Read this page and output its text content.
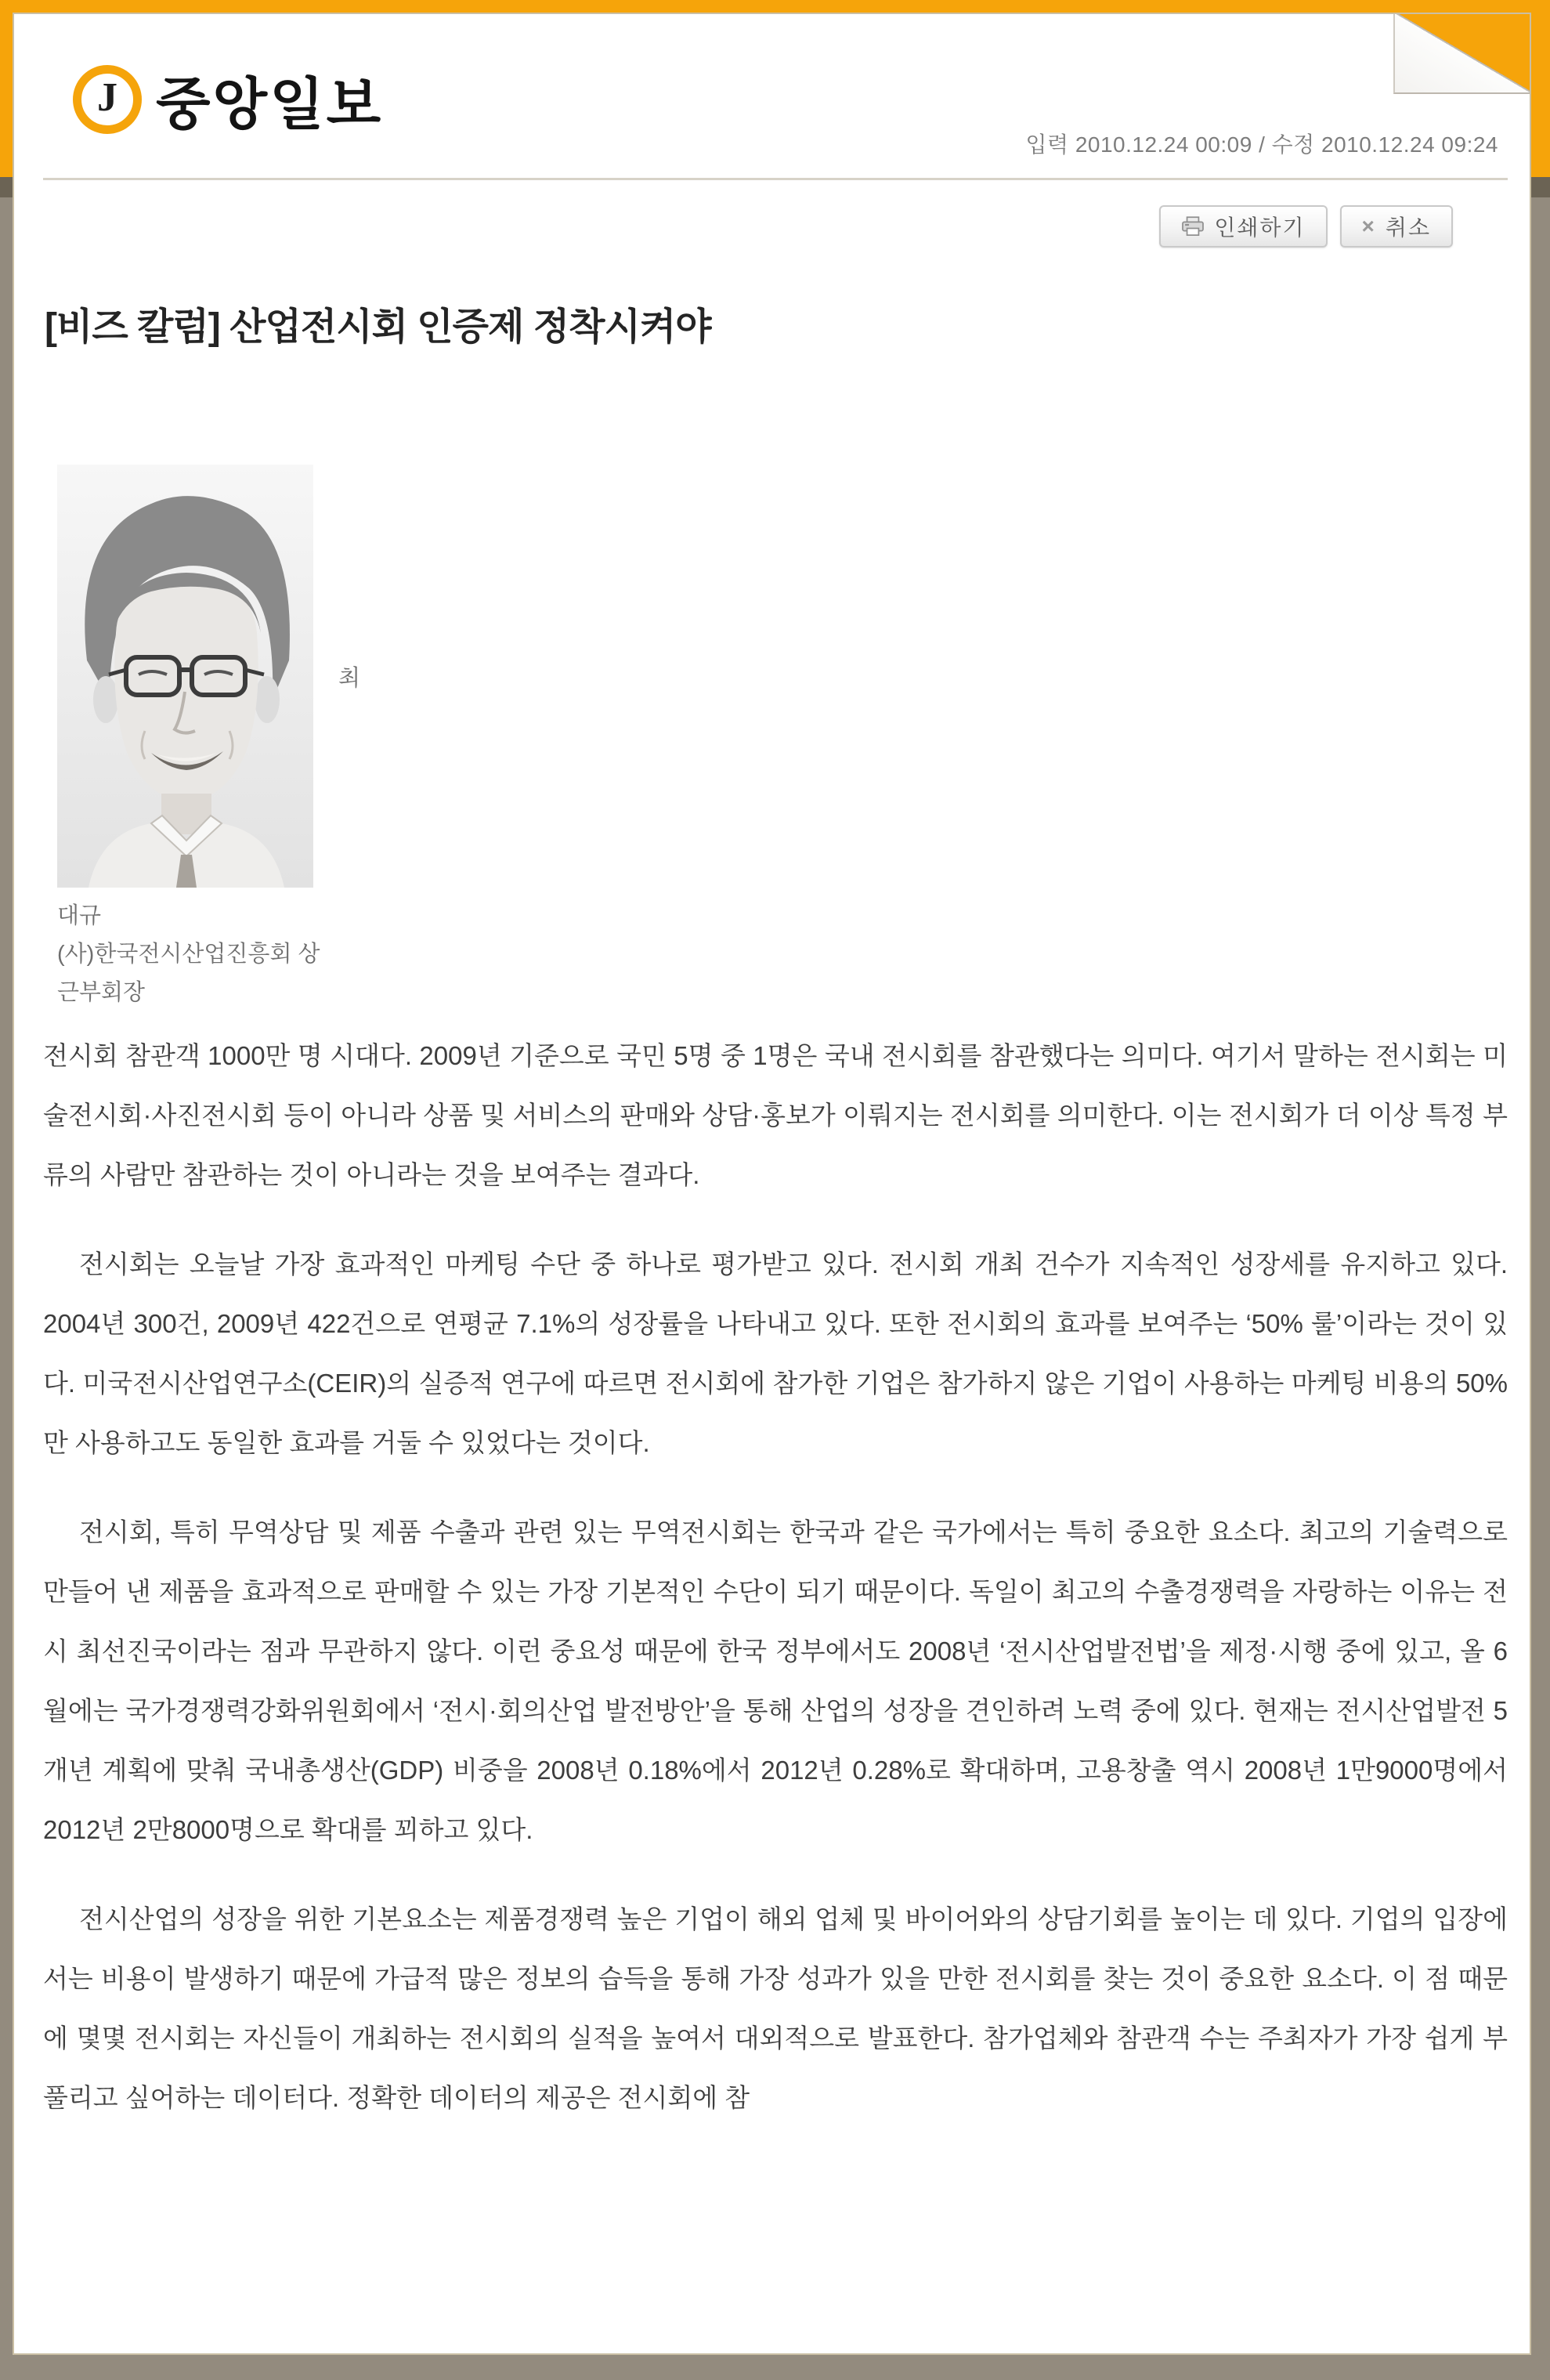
J 중앙일보
입력 2010.12.24 00:09 / 수정 2010.12.24 09:24
인쇄하기	× 취소
[비즈 칼럼] 산업전시회 인증제 정착시켜야
최
대규
(사)한국전시산업진흥회 상
근부회장

전시회 참관객 1000만 명 시대다. 2009년 기준으로 국민 5명 중 1명은 국내 전시회를 참관했다는 의미다. 여기서 말하는 전시회는 미술전시회·사진전시회 등이 아니라 상품 및 서비스의 판매와 상담·홍보가 이뤄지는 전시회를 의미한다. 이는 전시회가 더 이상 특정 부류의 사람만 참관하는 것이 아니라는 것을 보여주는 결과다.

전시회는 오늘날 가장 효과적인 마케팅 수단 중 하나로 평가받고 있다. 전시회 개최 건수가 지속적인 성장세를 유지하고 있다. 2004년 300건, 2009년 422건으로 연평균 7.1%의 성장률을 나타내고 있다. 또한 전시회의 효과를 보여주는 ‘50% 룰’이라는 것이 있다. 미국전시산업연구소(CEIR)의 실증적 연구에 따르면 전시회에 참가한 기업은 참가하지 않은 기업이 사용하는 마케팅 비용의 50%만 사용하고도 동일한 효과를 거둘 수 있었다는 것이다.

전시회, 특히 무역상담 및 제품 수출과 관련 있는 무역전시회는 한국과 같은 국가에서는 특히 중요한 요소다. 최고의 기술력으로 만들어 낸 제품을 효과적으로 판매할 수 있는 가장 기본적인 수단이 되기 때문이다. 독일이 최고의 수출경쟁력을 자랑하는 이유는 전시 최선진국이라는 점과 무관하지 않다. 이런 중요성 때문에 한국 정부에서도 2008년 ‘전시산업발전법’을 제정·시행 중에 있고, 올 6월에는 국가경쟁력강화위원회에서 ‘전시·회의산업 발전방안’을 통해 산업의 성장을 견인하려 노력 중에 있다. 현재는 전시산업발전 5개년 계획에 맞춰 국내총생산(GDP) 비중을 2008년 0.18%에서 2012년 0.28%로 확대하며, 고용창출 역시 2008년 1만9000명에서 2012년 2만8000명으로 확대를 꾀하고 있다.

전시산업의 성장을 위한 기본요소는 제품경쟁력 높은 기업이 해외 업체 및 바이어와의 상담기회를 높이는 데 있다. 기업의 입장에서는 비용이 발생하기 때문에 가급적 많은 정보의 습득을 통해 가장 성과가 있을 만한 전시회를 찾는 것이 중요한 요소다. 이 점 때문에 몇몇 전시회는 자신들이 개최하는 전시회의 실적을 높여서 대외적으로 발표한다. 참가업체와 참관객 수는 주최자가 가장 쉽게 부풀리고 싶어하는 데이터다. 정확한 데이터의 제공은 전시회에 참
